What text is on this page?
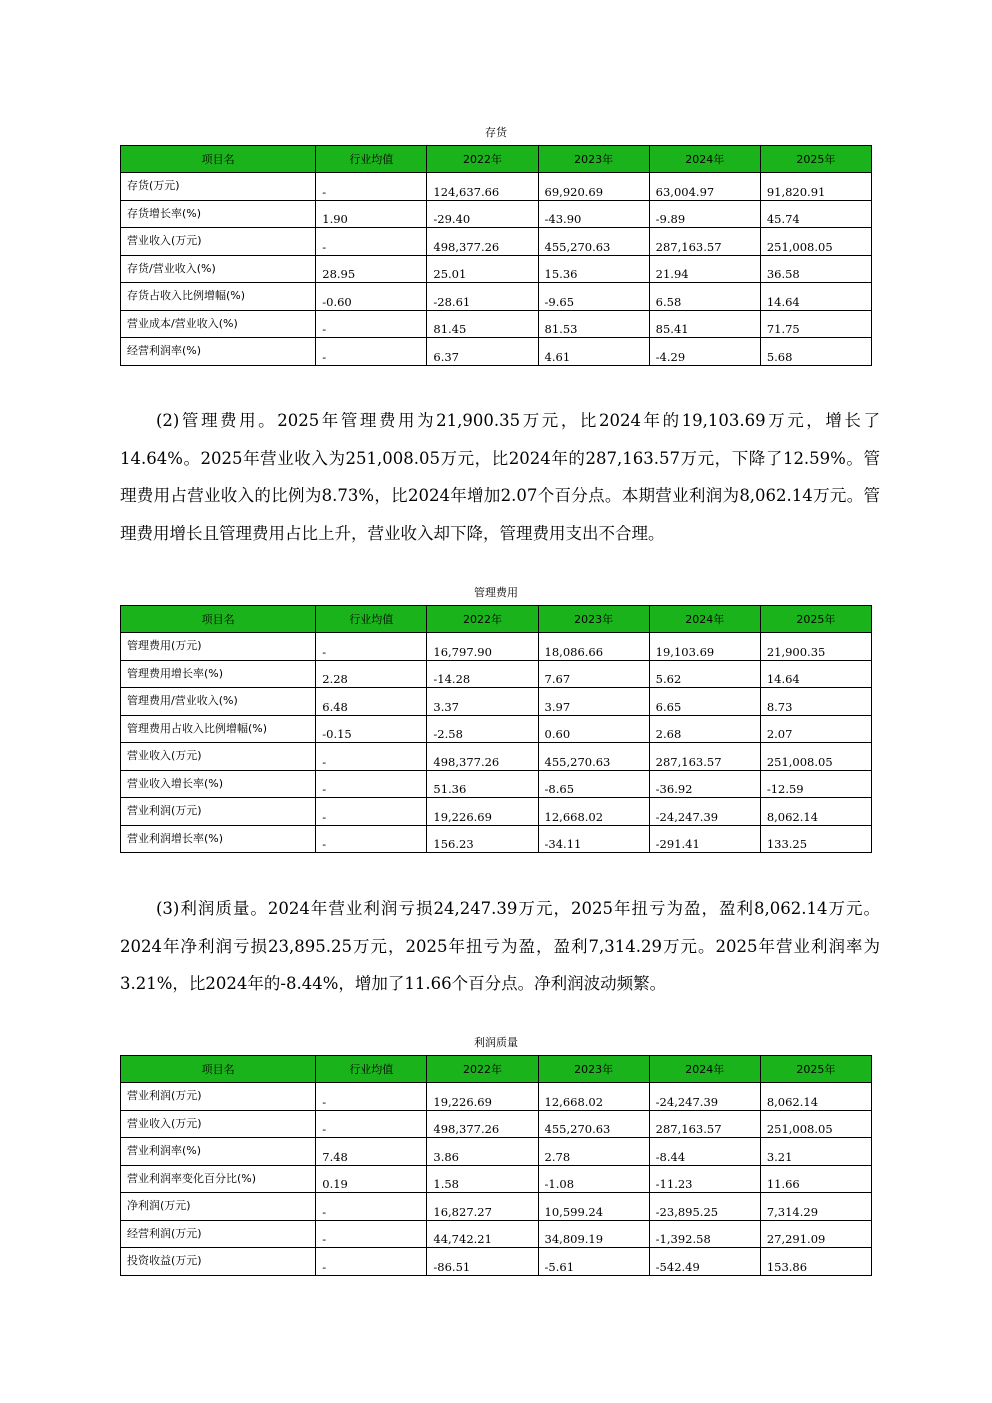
存货
项目名	行业均值	2022年	2023年	2024年	2025年
存货(万元)	-	124,637.66	69,920.69	63,004.97	91,820.91
存货增长率(%)	1.90	-29.40	-43.90	-9.89	45.74
营业收入(万元)	-	498,377.26	455,270.63	287,163.57	251,008.05
存货/营业收入(%)	28.95	25.01	15.36	21.94	36.58
存货占收入比例增幅(%)	-0.60	-28.61	-9.65	6.58	14.64
营业成本/营业收入(%)	-	81.45	81.53	85.41	71.75
经营利润率(%)	-	6.37	4.61	-4.29	5.68
(2)管理费用。2025年管理费用为21,900.35万元，比2024年的19,103.69万元，增长了14.64%。2025年营业收入为251,008.05万元，比2024年的287,163.57万元，下降了12.59%。管理费用占营业收入的比例为8.73%，比2024年增加2.07个百分点。本期营业利润为8,062.14万元。管理费用增长且管理费用占比上升，营业收入却下降，管理费用支出不合理。
管理费用
项目名	行业均值	2022年	2023年	2024年	2025年
管理费用(万元)	-	16,797.90	18,086.66	19,103.69	21,900.35
管理费用增长率(%)	2.28	-14.28	7.67	5.62	14.64
管理费用/营业收入(%)	6.48	3.37	3.97	6.65	8.73
管理费用占收入比例增幅(%)	-0.15	-2.58	0.60	2.68	2.07
营业收入(万元)	-	498,377.26	455,270.63	287,163.57	251,008.05
营业收入增长率(%)	-	51.36	-8.65	-36.92	-12.59
营业利润(万元)	-	19,226.69	12,668.02	-24,247.39	8,062.14
营业利润增长率(%)	-	156.23	-34.11	-291.41	133.25
(3)利润质量。2024年营业利润亏损24,247.39万元，2025年扭亏为盈，盈利8,062.14万元。2024年净利润亏损23,895.25万元，2025年扭亏为盈，盈利7,314.29万元。2025年营业利润率为3.21%，比2024年的-8.44%，增加了11.66个百分点。净利润波动频繁。
利润质量
项目名	行业均值	2022年	2023年	2024年	2025年
营业利润(万元)	-	19,226.69	12,668.02	-24,247.39	8,062.14
营业收入(万元)	-	498,377.26	455,270.63	287,163.57	251,008.05
营业利润率(%)	7.48	3.86	2.78	-8.44	3.21
营业利润率变化百分比(%)	0.19	1.58	-1.08	-11.23	11.66
净利润(万元)	-	16,827.27	10,599.24	-23,895.25	7,314.29
经营利润(万元)	-	44,742.21	34,809.19	-1,392.58	27,291.09
投资收益(万元)	-	-86.51	-5.61	-542.49	153.86
